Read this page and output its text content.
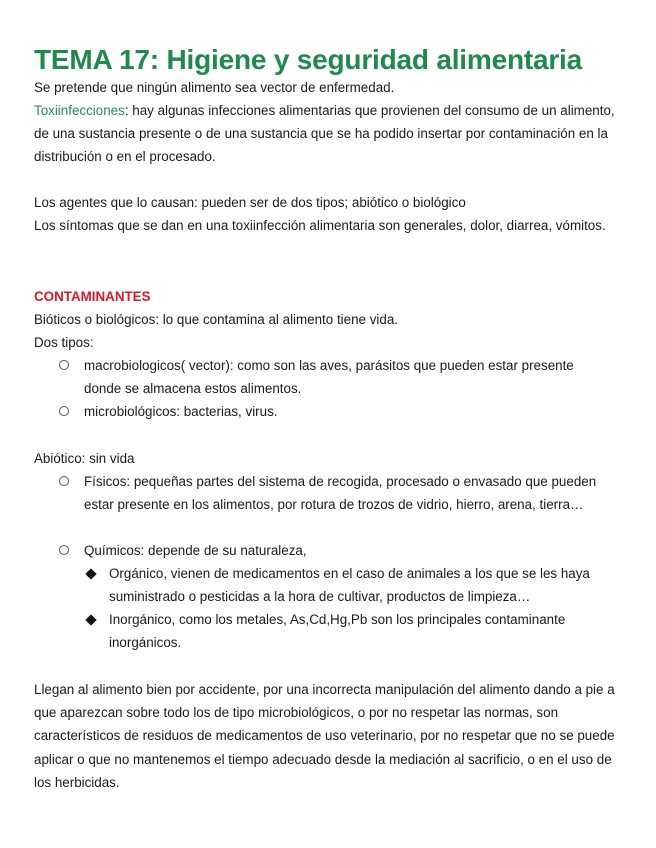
TEMA 17: Higiene y seguridad alimentaria
Se pretende que ningún alimento sea vector de enfermedad.
Toxiinfecciones: hay algunas infecciones alimentarias que provienen del consumo de un alimento, de una sustancia presente o de una sustancia que se ha podido insertar por contaminación en la distribución o en el procesado.
Los agentes que lo causan: pueden ser de dos tipos; abiótico o biológico
Los síntomas que se dan en una toxiinfección alimentaria son generales, dolor, diarrea, vómitos.
CONTAMINANTES
Bióticos o biológicos: lo que contamina al alimento tiene vida.
Dos tipos:
macrobiologicos( vector): como son las aves, parásitos que pueden estar presente donde se almacena estos alimentos.
microbiológicos: bacterias, virus.
Abiótico: sin vida
Físicos: pequeñas partes del sistema de recogida, procesado o envasado que pueden estar presente en los alimentos, por rotura de trozos de vidrio, hierro, arena, tierra…
Químicos: depende de su naturaleza,
Orgánico, vienen de medicamentos en el caso de animales a los que se les haya suministrado o pesticidas a la hora de cultivar, productos de limpieza…
Inorgánico, como los metales, As,Cd,Hg,Pb son los principales contaminante inorgánicos.
Llegan al alimento bien por accidente, por una incorrecta manipulación del alimento dando a pie a que aparezcan sobre todo los de tipo microbiológicos, o por no respetar las normas, son característicos de residuos de medicamentos de uso veterinario, por no respetar que no se puede aplicar o que no mantenemos el tiempo adecuado desde la mediación al sacrificio, o en el uso de los herbicidas.
